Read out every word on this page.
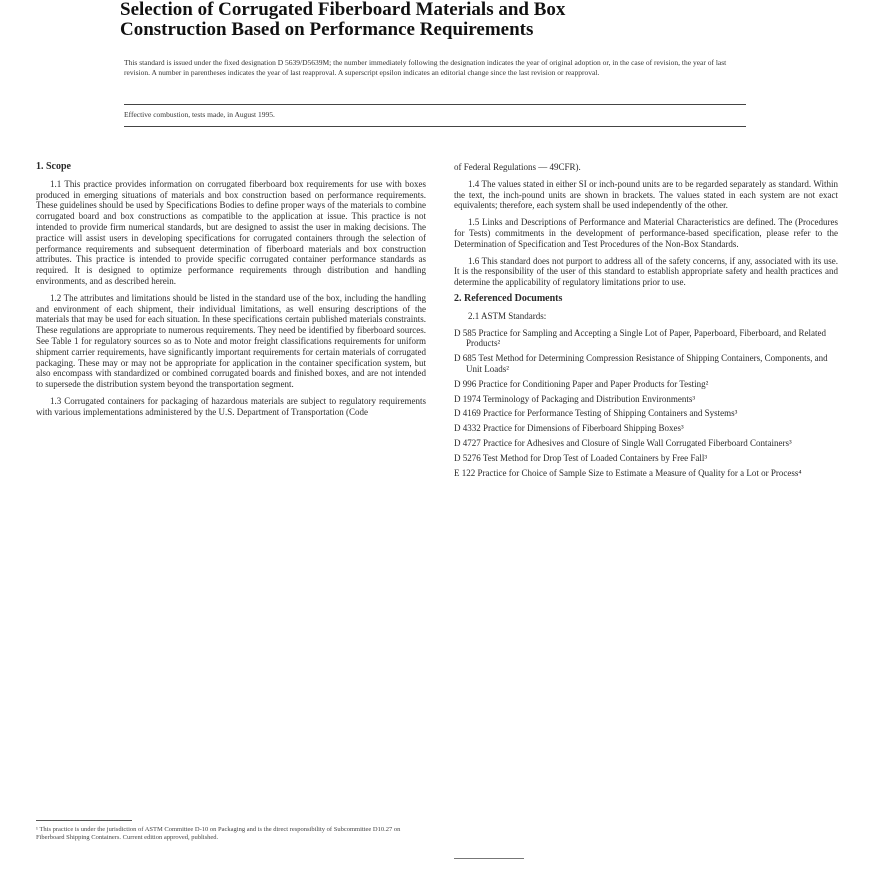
Selection of Corrugated Fiberboard Materials and Box
Construction Based on Performance Requirements
This standard is issued under the fixed designation D 5639/D5639M; the number immediately following the designation indicates the year of original adoption or, in the case of revision, the year of last revision. A number in parentheses indicates the year of last reapproval. A superscript epsilon indicates an editorial change since the last revision or reapproval.
Effective combustion, tests made, in August 1995.
1. Scope

1.1 This practice provides information on corrugated fiberboard box requirements for use with boxes produced in emerging situations of materials and box construction based on performance requirements. These guidelines should be used by Specifications Bodies to define proper ways of the materials to combine corrugated board and box constructions as compatible to the application at issue. This practice is not intended to provide firm numerical standards, but are designed to assist the user in making decisions. The practice will assist users in developing specifications for corrugated containers through the selection of performance requirements and subsequent determination of fiberboard materials and box construction attributes. This practice is intended to provide specific corrugated container performance standards as required. It is designed to optimize performance requirements through distribution and handling environments, and as described herein.

1.2 The attributes and limitations should be listed in the standard use of the box, including the handling and environment of each shipment, their individual limitations, as well ensuring descriptions of the materials that may be used for each situation. In these specifications certain published materials constraints. These regulations are appropriate to numerous requirements. They need be identified by fiberboard sources. See Table 1 for regulatory sources so as to Note and motor freight classifications requirements for uniform shipment carrier requirements, have significantly important requirements for certain materials of corrugated packaging. These may or may not be appropriate for application in the container specification system, but also encompass with standardized or combined corrugated boards and finished boxes, and are not intended to supersede the distribution system beyond the transportation segment.

1.3 Corrugated containers for packaging of hazardous materials are subject to regulatory requirements with various implementations administered by the U.S. Department of Transportation (Code

¹ This practice is under the jurisdiction of ASTM Committee D-10 on Packaging and is the direct responsibility of Subcommittee D10.27 on Fiberboard Shipping Containers. Current edition approved, published.

of Federal Regulations — 49CFR).

1.4 The values stated in either SI or inch-pound units are to be regarded separately as standard. Within the text, the inch-pound units are shown in brackets. The values stated in each system are not exact equivalents; therefore, each system shall be used independently of the other.

1.5 Links and Descriptions of Performance and Material Characteristics are defined. The (Procedures for Tests) commitments in the development of performance-based specification, please refer to the Determination of Specification and Test Procedures of the Non-Box Standards.

1.6 This standard does not purport to address all of the safety concerns, if any, associated with its use. It is the responsibility of the user of this standard to establish appropriate safety and health practices and determine the applicability of regulatory limitations prior to use.

2. Referenced Documents

2.1 ASTM Standards:

D 585 Practice for Sampling and Accepting a Single Lot of Paper, Paperboard, Fiberboard, and Related Products²
D 685 Test Method for Determining Compression Resistance of Shipping Containers, Components, and Unit Loads²
D 996 Practice for Conditioning Paper and Paper Products for Testing²
D 1974 Terminology of Packaging and Distribution Environments³
D 4169 Practice for Performance Testing of Shipping Containers and Systems³
D 4332 Practice for Dimensions of Fiberboard Shipping Boxes³
D 4727 Practice for Adhesives and Closure of Single Wall Corrugated Fiberboard Containers³
D 5276 Test Method for Drop Test of Loaded Containers by Free Fall³
E 122 Practice for Choice of Sample Size to Estimate a Measure of Quality for a Lot or Process⁴
